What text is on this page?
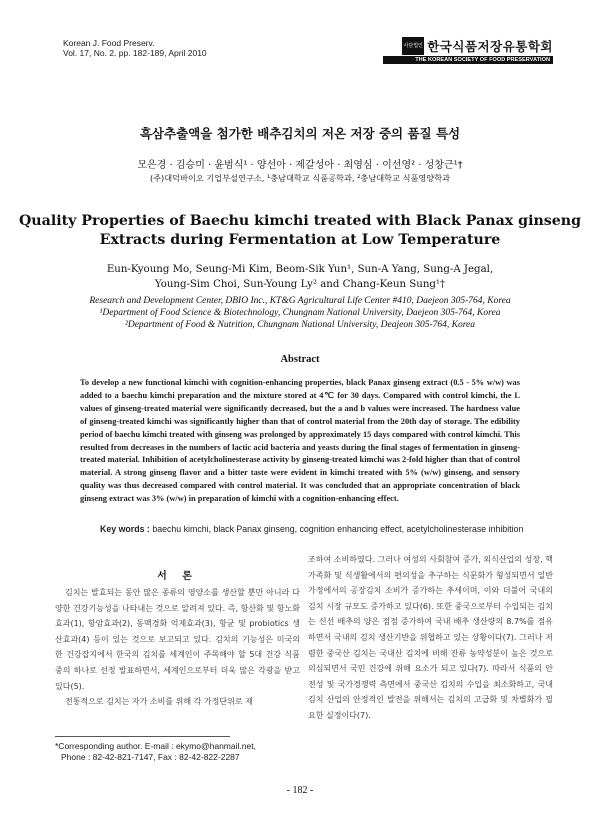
Korean J. Food Preserv.
Vol. 17, No. 2. pp. 182-189, April 2010
사단법인 한국식품저장유통학회
THE KOREAN SOCIETY OF FOOD PRESERVATION
흑삼추출액을 첨가한 배추김치의 저온 저장 중의 품질 특성
모은경 · 김승미 · 윤범식¹ · 양선아 · 제갈성아 · 최영심 · 이선영² · 성창근¹†
(주)대덕바이오 기업부설연구소, ¹충남대학교 식품공학과, ²충남대학교 식품영양학과
Quality Properties of Baechu kimchi treated with Black Panax ginseng
Extracts during Fermentation at Low Temperature
Eun-Kyoung Mo, Seung-Mi Kim, Beom-Sik Yun¹, Sun-A Yang, Sung-A Jegal,
Young-Sim Choi, Sun-Young Ly² and Chang-Keun Sung¹†
Research and Development Center, DBIO Inc., KT&G Agricultural Life Center #410, Daejeon 305-764, Korea
¹Department of Food Science & Biotechnology, Chungnam National University, Daejeon 305-764, Korea
²Department of Food & Nutrition, Chungnam National University, Deajeon 305-764, Korea
Abstract
To develop a new functional kimchi with cognition-enhancing properties, black Panax ginseng extract (0.5 - 5% w/w) was added to a baechu kimchi preparation and the mixture stored at 4℃ for 30 days. Compared with control kimchi, the L values of ginseng-treated material were significantly decreased, but the a and b values were increased. The hardness value of ginseng-treated kimchi was significantly higher than that of control material from the 20th day of storage. The edibility period of baechu kimchi treated with ginseng was prolonged by approximately 15 days compared with control kimchi. This resulted from decreases in the numbers of lactic acid bacteria and yeasts during the final stages of fermentation in ginseng-treated material. Inhibition of acetylcholinesterase activity by ginseng-treated kimchi was 2-fold higher than that of control material. A strong ginseng flavor and a bitter taste were evident in kimchi treated with 5% (w/w) ginseng, and sensory quality was thus decreased compared with control material. It was concluded that an appropriate concentration of black ginseng extract was 3% (w/w) in preparation of kimchi with a cognition-enhancing effect.
Key words : baechu kimchi, black Panax ginseng, cognition enhancing effect, acetylcholinesterase inhibition
서 론

김치는 발효되는 동안 많은 종류의 영양소를 생산할 뿐만 아니라 다양한 건강기능성을 나타내는 것으로 알려져 있다. 즉, 항산화 및 항노화효과(1), 항암효과(2), 동맥경화 억제효과(3), 항균 및 probiotics 생산효과(4) 등이 있는 것으로 보고되고 있다. 김치의 기능성은 미국의 한 건강잡지에서 한국의 김치를 세계인이 주목해야 할 5대 건강 식품 중의 하나로 선정 발표하면서, 세계인으로부터 더욱 많은 각광을 받고 있다(5).

전통적으로 김치는 자가 소비를 위해 각 가정단위로 제

조하여 소비하였다. 그러나 여성의 사회참여 증가, 외식산업의 성장, 핵가족화 및 식생활에서의 편의성을 추구하는 식문화가 형성되면서 일반 가정에서의 공장김치 소비가 증가하는 추세이며, 이와 더불어 국내의 김치 시장 규모도 증가하고 있다(6). 또한 중국으로부터 수입되는 김치는 신선 배추의 양은 점점 증가하여 국내 배추 생산량의 8.7%를 점유하면서 국내의 김치 생산기반을 위협하고 있는 상황이다(7). 그러나 저렴한 중국산 김치는 국내산 김치에 비해 잔류 농약성분이 높은 것으로 의심되면서 국민 건강에 위해 요소가 되고 있다(7). 따라서 식품의 안전성 및 국가경쟁력 측면에서 중국산 김치의 수입을 최소화하고, 국내 김치 산업의 안정적인 발전을 위해서는 김치의 고급화 및 차별화가 필요한 실정이다(7).

*Corresponding author. E-mail : ekymo@hanmail.net,
Phone : 82-42-821-7147, Fax : 82-42-822-2287
- 182 -
